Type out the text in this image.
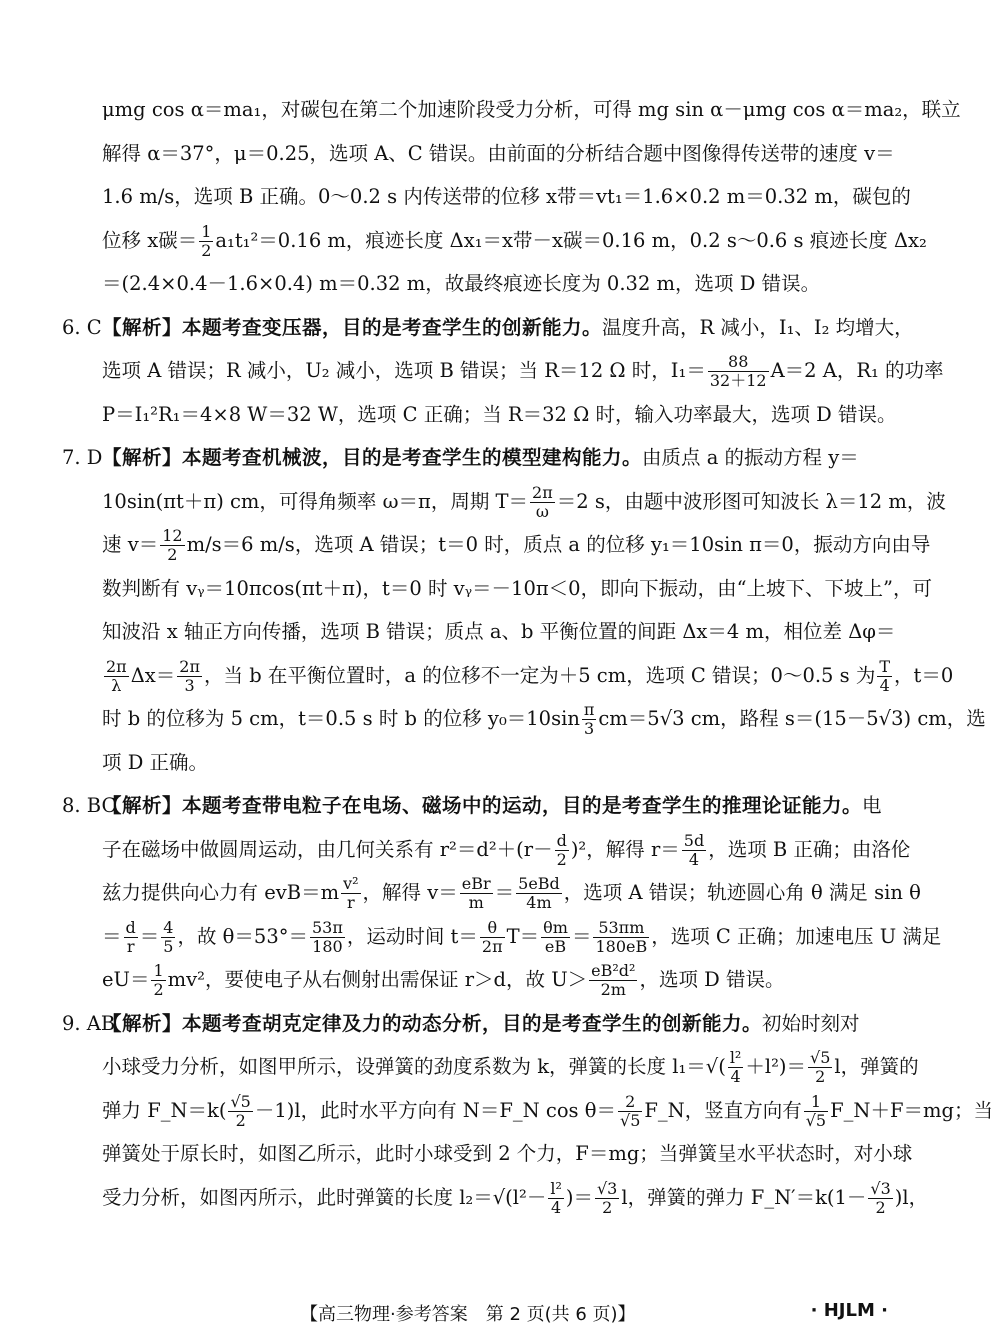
μmg cos α＝ma₁，对碳包在第二个加速阶段受力分析，可得 mg sin α－μmg cos α＝ma₂，联立

解得 α＝37°，μ＝0.25，选项 A、C 错误。由前面的分析结合题中图像得传送带的速度 v＝

1.6 m/s，选项 B 正确。0～0.2 s 内传送带的位移 x带＝vt₁＝1.6×0.2 m＝0.32 m，碳包的

位移 x碳＝ $\frac{1}{2} a_1t_1^2=0.16$ m，痕迹长度 Δx₁＝x带－x碳＝0.16 m，0.2 s～0.6 s 痕迹长度 Δx₂

＝(2.4×0.4－1.6×0.4) m＝0.32 m，故最终痕迹长度为 0.32 m，选项 D 错误。

6. C 【解析】本题考查变压器，目的是考查学生的创新能力。温度升高，R 减小，I₁、I₂ 均增大，

选项 A 错误；R 减小，U₂ 减小，选项 B 错误；当 R＝12 Ω 时，$I_1= \frac{88}{32+12} A=2$ A，R₁ 的功率

P＝I₁²R₁＝4×8 W＝32 W，选项 C 正确；当 R＝32 Ω 时，输入功率最大，选项 D 错误。

7. D 【解析】本题考查机械波，目的是考查学生的模型建构能力。由质点 a 的振动方程 y＝

10sin(πt＋π) cm，可得角频率 ω＝π，周期 $T= \frac{2\pi}{\omega} =2$ s，由题中波形图可知波长 λ＝12 m，波

速 $v= \frac{12}{2} m/s=6$ m/s，选项 A 错误；t＝0 时，质点 a 的位移 y₁＝10sin π＝0，振动方向由导

数判断有 vᵧ＝10πcos(πt＋π)，t＝0 时 vᵧ＝－10π＜0，即向下振动，由“上坡下、下坡上”，可

知波沿 x 轴正方向传播，选项 B 错误；质点 a、b 平衡位置的间距 Δx＝4 m，相位差 Δφ＝

$\frac{2\pi}{\lambda} \Delta x= \frac{2\pi}{3}$ ，当 b 在平衡位置时，a 的位移不一定为＋5 cm，选项 C 错误；0～0.5 s 为 $\frac{T}{4}$ ，t＝0

时 b 的位移为 5 cm，t＝0.5 s 时 b 的位移 $y_0=10\sin \frac{\pi}{3} cm=5√3$ cm，路程 s＝(15－5√3) cm，选

项 D 正确。

8. BC
【解析】本题考查带电粒子在电场、磁场中的运动，目的是考查学生的推理论证能力。电

子在磁场中做圆周运动，由几何关系有 $r^2=d^2+(r- \frac{d}{2} )^2$，解得 $r= \frac{5d}{4}$ ，选项 B 正确；由洛伦

兹力提供向心力有 $evB=m \frac{\text{v²}}{r}$ ，解得 $v= \frac{\text{eBr}}{m} = \frac{\text{5eBd}}{4m}$ ，选项 A 错误；轨迹圆心角 θ 满足 sin θ

＝ $\frac{d}{r} = \frac{4}{5}$ ，故 $\theta=53^\circ= \frac{53\pi}{180}$ ，运动时间 $t= \frac{\theta}{2\pi} T= \frac{\theta m}{eB} = \frac{53\pi m}{180eB}$ ，选项 C 正确；加速电压 U 满足

$eU= \frac{1}{2} mv^2$，要使电子从右侧射出需保证 r＞d，故 $U> \frac{\text{eB²d²}}{2m}$ ，选项 D 错误。

9. AB
【解析】本题考查胡克定律及力的动态分析，目的是考查学生的创新能力。初始时刻对

小球受力分析，如图甲所示，设弹簧的劲度系数为 k，弹簧的长度 $l_1=√( \frac{\text{l²}}{4} +l^2)= \frac{√5}{2}$ l，弹簧的

弹力 F_N＝k( $\frac{√5}{2} -1)l$，此时水平方向有 N＝F_N $\cos \theta= \frac{2}{√5}$ F_N，竖直方向有 $\frac{1}{√5}$ F_N＋F＝mg；当

弹簧处于原长时，如图乙所示，此时小球受到 2 个力，F＝mg；当弹簧呈水平状态时，对小球

受力分析，如图丙所示，此时弹簧的长度 $l_2=√(l^2- \frac{\text{l²}}{4}$ )＝ $\frac{√3}{2}$ l，弹簧的弹力 F_N′＝k(1－ $\frac{√3}{2} )l$，

【高三物理·参考答案　第 2 页(共 6 页)】	· HJLM ·
